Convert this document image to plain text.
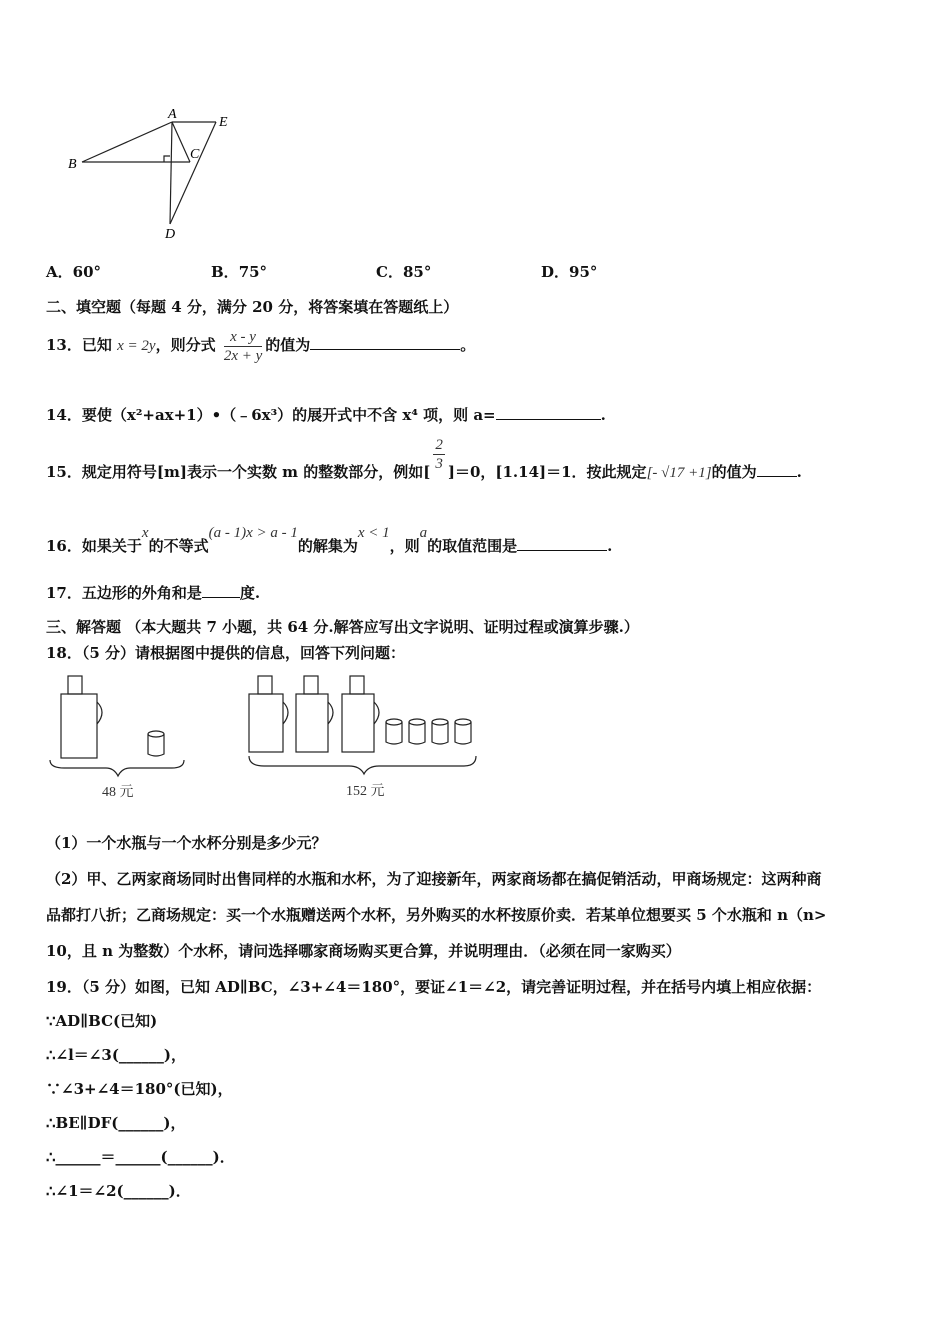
A
E
B
C
D
A．60°	B．75°	C．85°	D．95°
二、填空题（每题 4 分，满分 20 分，将答案填在答题纸上）
13．已知 x = 2y，则分式 $\frac{x - y}{2x + y}$ 的值为	。
14．要使（x²+ax+1）•（﹣6x³）的展开式中不含 x⁴ 项，则 a=	.
15．规定用符号[m]表示一个实数 m 的整数部分，例如[ $\frac{2}{3} ]=0$，[1.14]＝1．按此规定[- √17 +1]的值为	.
16．如果关于x的不等式(a - 1)x > a - 1的解集为x < 1，则a的取值范围是	.
17．五边形的外角和是	度.
三、解答题 （本大题共 7 小题，共 64 分.解答应写出文字说明、证明过程或演算步骤.）
18．（5 分）请根据图中提供的信息，回答下列问题：
48 元	152 元
（1）一个水瓶与一个水杯分别是多少元？
（2）甲、乙两家商场同时出售同样的水瓶和水杯，为了迎接新年，两家商场都在搞促销活动，甲商场规定：这两种商
品都打八折；乙商场规定：买一个水瓶赠送两个水杯，另外购买的水杯按原价卖．若某单位想要买 5 个水瓶和 n（n>
10，且 n 为整数）个水杯，请问选择哪家商场购买更合算，并说明理由．（必须在同一家购买）
19．（5 分）如图，已知 AD∥BC，∠3+∠4＝180°，要证∠1＝∠2，请完善证明过程，并在括号内填上相应依据：
∵AD∥BC(已知)
∴∠l＝∠3(______)，
∵∠3+∠4＝180°(已知)，
∴BE∥DF(______)，
∴______＝______(______)．
∴∠1＝∠2(______)．
